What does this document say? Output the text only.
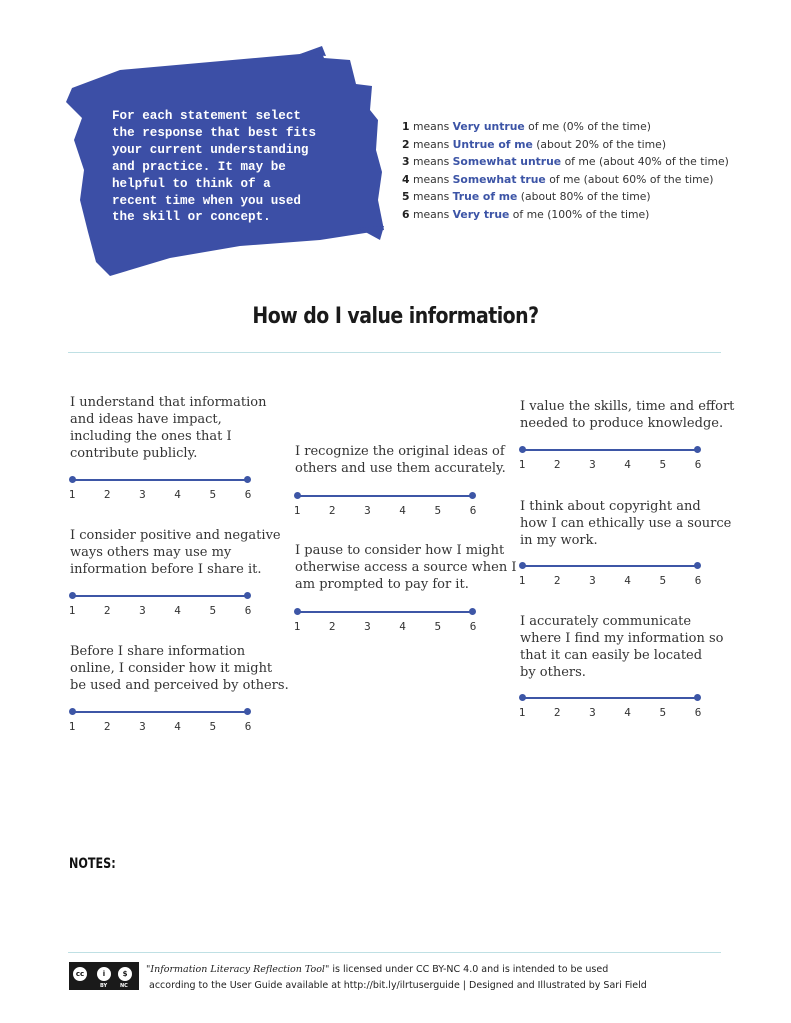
For each statement select
the response that best fits
your current understanding
and practice. It may be
helpful to think of a
recent time when you used
the skill or concept.
1 means Very untrue of me (0% of the time)
2 means Untrue of me (about 20% of the time)
3 means Somewhat untrue of me (about 40% of the time)
4 means Somewhat true of me (about 60% of the time)
5 means True of me (about 80% of the time)
6 means Very true of me (100% of the time)
How do I value information?
I understand that information
and ideas have impact,
including the ones that I
contribute publicly.
I consider positive and negative
ways others may use my
information before I share it.
Before I share information
online, I consider how it might
be used and perceived by others.
I recognize the original ideas of
others and use them accurately.
I pause to consider how I might
otherwise access a source when I
am prompted to pay for it.
I value the skills, time and effort
needed to produce knowledge.
I think about copyright and
how I can ethically use a source
in my work.
I accurately communicate
where I find my information so
that it can easily be located
by others.
1	2	3	4	5	6
1	2	3	4	5	6
1	2	3	4	5	6
1	2	3	4	5	6
1	2	3	4	5	6
1	2	3	4	5	6
1	2	3	4	5	6
1	2	3	4	5	6
NOTES:
cc	i	$
BY	NC
"Information Literacy Reflection Tool" is licensed under CC BY-NC 4.0 and is intended to be used
according to the User Guide available at http://bit.ly/ilrtuserguide | Designed and Illustrated by Sari Field
